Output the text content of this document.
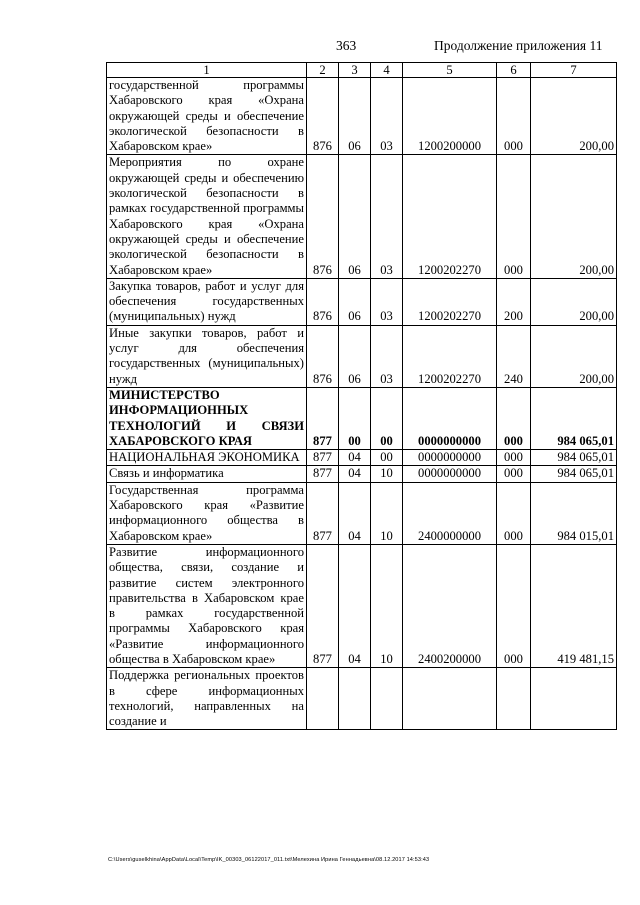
363	Продолжение приложения 11
1	2	3	4	5	6	7
государственной программы Хабаровского края «Охрана окружающей среды и обеспечение экологической безопасности в Хабаровском крае»	876	06	03	1200200000	000	200,00
Мероприятия по охране окружающей среды и обеспечению экологической безопасности в рамках государственной программы Хабаровского края «Охрана окружающей среды и обеспечение экологической безопасности в Хабаровском крае»	876	06	03	1200202270	000	200,00
Закупка товаров, работ и услуг для обеспечения государственных (муниципальных) нужд	876	06	03	1200202270	200	200,00
Иные закупки товаров, работ и услуг для обеспечения государственных (муниципальных) нужд	876	06	03	1200202270	240	200,00
МИНИСТЕРСТВО ИНФОРМАЦИОННЫХ ТЕХНОЛОГИЙ И СВЯЗИ ХАБАРОВСКОГО КРАЯ	877	00	00	0000000000	000	984 065,01
НАЦИОНАЛЬНАЯ ЭКОНОМИКА	877	04	00	0000000000	000	984 065,01
Связь и информатика	877	04	10	0000000000	000	984 065,01
Государственная программа Хабаровского края «Развитие информационного общества в Хабаровском крае»	877	04	10	2400000000	000	984 015,01
Развитие информационного общества, связи, создание и развитие систем электронного правительства в Хабаровском крае в рамках государственной программы Хабаровского края «Развитие информационного общества в Хабаровском крае»	877	04	10	2400200000	000	419 481,15
Поддержка региональных проектов в сфере информационных технологий, направленных на создание и						
C:\Users\guselkhina\AppData\Local\Temp\IK_00303_06122017_011.txt\Мелехина Ирина Геннадьевна\08.12.2017 14:53:43
